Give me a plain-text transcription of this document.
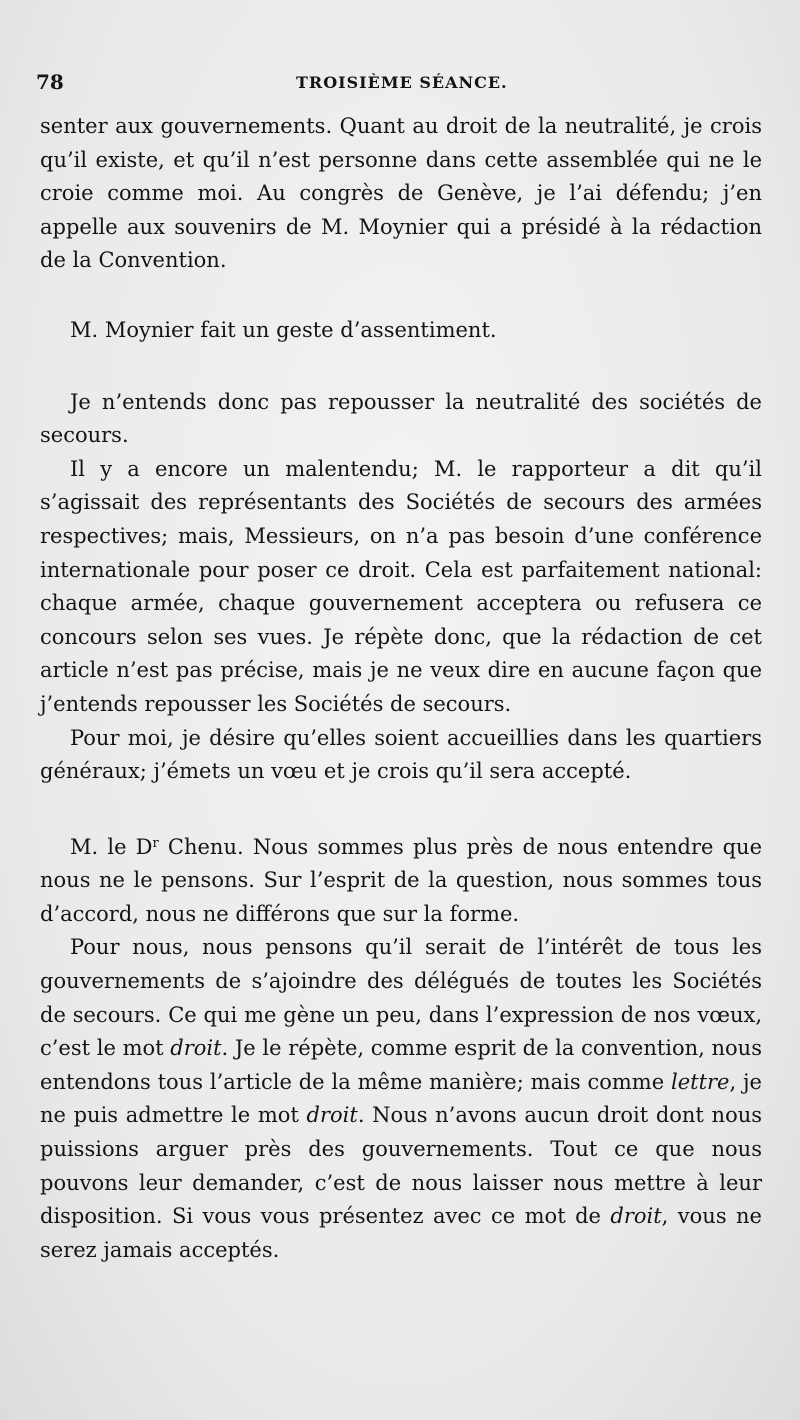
78	TROISIÈME SÉANCE.

senter aux gouvernements. Quant au droit de la neutralité, je crois qu’il existe, et qu’il n’est personne dans cette assemblée qui ne le croie comme moi. Au congrès de Genève, je l’ai défendu; j’en appelle aux souvenirs de M. Moynier qui a présidé à la rédaction de la Convention.

M. Moynier fait un geste d’assentiment.

Je n’entends donc pas repousser la neutralité des sociétés de secours.

Il y a encore un malentendu; M. le rapporteur a dit qu’il s’agissait des représentants des Sociétés de secours des armées respectives; mais, Messieurs, on n’a pas besoin d’une conférence internationale pour poser ce droit. Cela est parfaitement national: chaque armée, chaque gouvernement acceptera ou refusera ce concours selon ses vues. Je répète donc, que la rédaction de cet article n’est pas précise, mais je ne veux dire en aucune façon que j’entends repousser les Sociétés de secours.

Pour moi, je désire qu’elles soient accueillies dans les quartiers généraux; j’émets un vœu et je crois qu’il sera accepté.

M. le $D^r$ Chenu. Nous sommes plus près de nous entendre que nous ne le pensons. Sur l’esprit de la question, nous sommes tous d’accord, nous ne différons que sur la forme.

Pour nous, nous pensons qu’il serait de l’intérêt de tous les gouvernements de s’ajoindre des délégués de toutes les Sociétés de secours. Ce qui me gène un peu, dans l’expression de nos vœux, c’est le mot droit. Je le répète, comme esprit de la convention, nous entendons tous l’article de la même manière; mais comme lettre, je ne puis admettre le mot droit. Nous n’avons aucun droit dont nous puissions arguer près des gouvernements. Tout ce que nous pouvons leur demander, c’est de nous laisser nous mettre à leur disposition. Si vous vous présentez avec ce mot de droit, vous ne serez jamais acceptés.
